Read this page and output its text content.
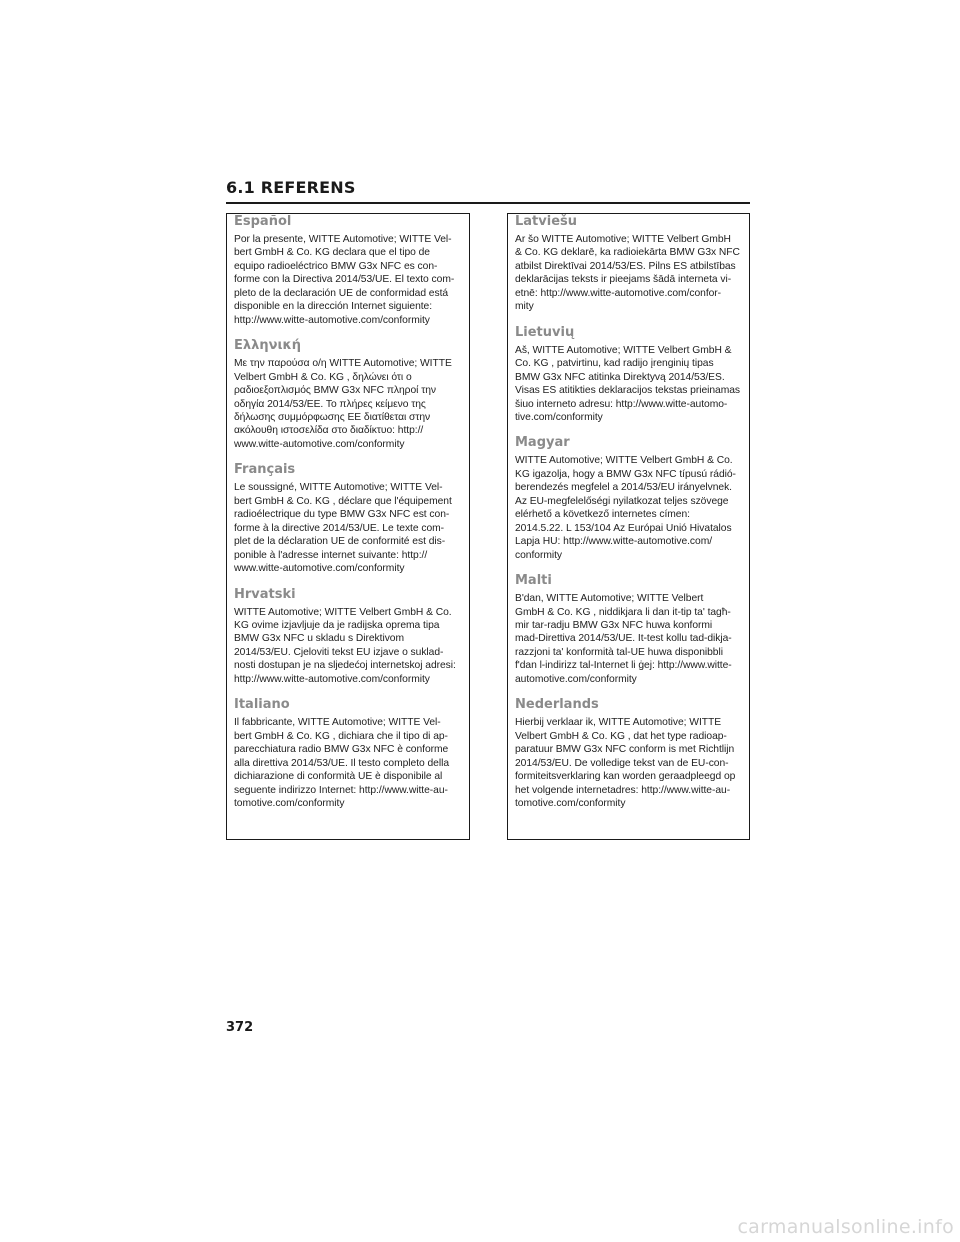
6.1 REFERENS
Español
Por la presente, WITTE Automotive; WITTE Vel-
bert GmbH & Co. KG declara que el tipo de
equipo radioeléctrico BMW G3x NFC es con-
forme con la Directiva 2014/53/UE. El texto com-
pleto de la declaración UE de conformidad está
disponible en la dirección Internet siguiente:
http://www.witte-automotive.com/conformity
Ελληνική
Με την παρούσα ο/η WITTE Automotive; WITTE
Velbert GmbH & Co. KG , δηλώνει ότι ο
ραδιοεξοπλισμός BMW G3x NFC πληροί την
οδηγία 2014/53/ΕΕ. Το πλήρες κείμενο της
δήλωσης συμμόρφωσης ΕΕ διατίθεται στην
ακόλουθη ιστοσελίδα στο διαδίκτυο: http://
www.witte-automotive.com/conformity
Français
Le soussigné, WITTE Automotive; WITTE Vel-
bert GmbH & Co. KG , déclare que l'équipement
radioélectrique du type BMW G3x NFC est con-
forme à la directive 2014/53/UE. Le texte com-
plet de la déclaration UE de conformité est dis-
ponible à l'adresse internet suivante: http://
www.witte-automotive.com/conformity
Hrvatski
WITTE Automotive; WITTE Velbert GmbH & Co.
KG ovime izjavljuje da je radijska oprema tipa
BMW G3x NFC u skladu s Direktivom
2014/53/EU. Cjeloviti tekst EU izjave o suklad-
nosti dostupan je na sljedećoj internetskoj adresi:
http://www.witte-automotive.com/conformity
Italiano
Il fabbricante, WITTE Automotive; WITTE Vel-
bert GmbH & Co. KG , dichiara che il tipo di ap-
parecchiatura radio BMW G3x NFC è conforme
alla direttiva 2014/53/UE. Il testo completo della
dichiarazione di conformità UE è disponibile al
seguente indirizzo Internet: http://www.witte-au-
tomotive.com/conformity
Latviešu
Ar šo WITTE Automotive; WITTE Velbert GmbH
& Co. KG deklarē, ka radioiekārta BMW G3x NFC
atbilst Direktīvai 2014/53/ES. Pilns ES atbilstības
deklarācijas teksts ir pieejams šādā interneta vi-
etnē: http://www.witte-automotive.com/confor-
mity
Lietuvių
Aš, WITTE Automotive; WITTE Velbert GmbH &
Co. KG , patvirtinu, kad radijo įrenginių tipas
BMW G3x NFC atitinka Direktyvą 2014/53/ES.
Visas ES atitikties deklaracijos tekstas prieinamas
šiuo interneto adresu: http://www.witte-automo-
tive.com/conformity
Magyar
WITTE Automotive; WITTE Velbert GmbH & Co.
KG igazolja, hogy a BMW G3x NFC típusú rádió-
berendezés megfelel a 2014/53/EU irányelvnek.
Az EU-megfelelőségi nyilatkozat teljes szövege
elérhető a következő internetes címen:
2014.5.22. L 153/104 Az Európai Unió Hivatalos
Lapja HU: http://www.witte-automotive.com/
conformity
Malti
B'dan, WITTE Automotive; WITTE Velbert
GmbH & Co. KG , niddikjara li dan it-tip ta' tagħ-
mir tar-radju BMW G3x NFC huwa konformi
mad-Direttiva 2014/53/UE. It-test kollu tad-dikja-
razzjoni ta' konformità tal-UE huwa disponibbli
f'dan l-indirizz tal-Internet li ġej: http://www.witte-
automotive.com/conformity
Nederlands
Hierbij verklaar ik, WITTE Automotive; WITTE
Velbert GmbH & Co. KG , dat het type radioap-
paratuur BMW G3x NFC conform is met Richtlijn
2014/53/EU. De volledige tekst van de EU-con-
formiteitsverklaring kan worden geraadpleegd op
het volgende internetadres: http://www.witte-au-
tomotive.com/conformity
372
carmanualsonline.info
